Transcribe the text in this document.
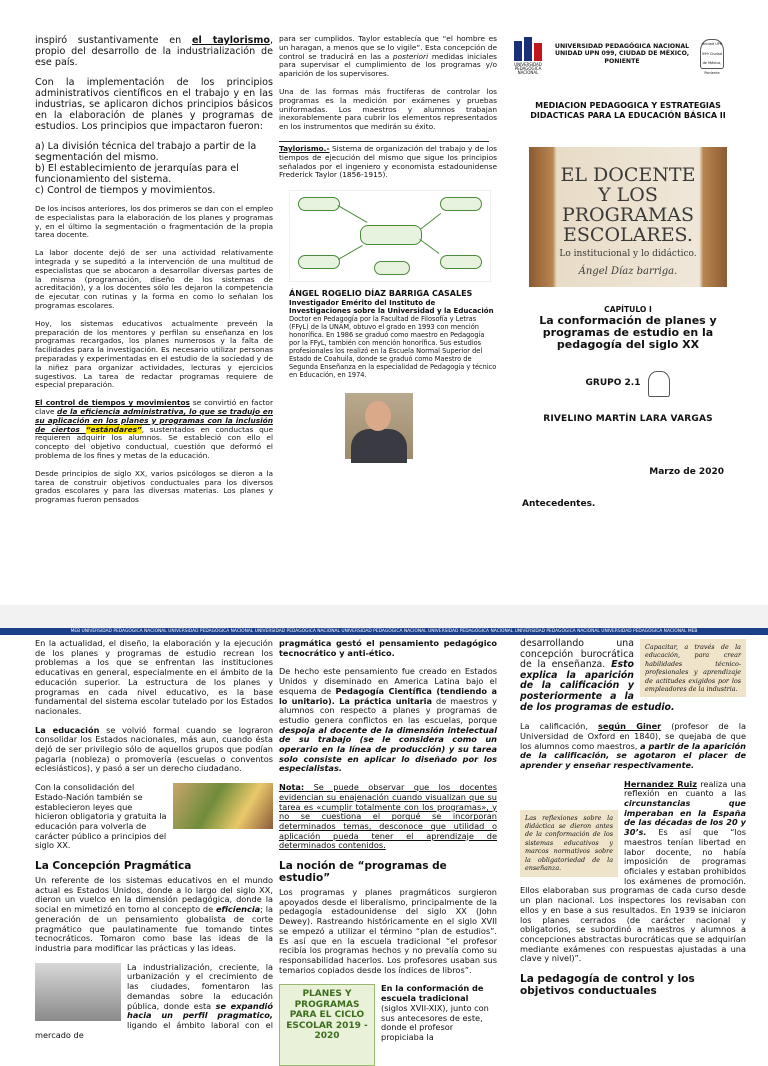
inspiró sustantivamente en el taylorismo, propio del desarrollo de la industrialización de ese país.

Con la implementación de los principios administrativos científicos en el trabajo y en las industrias, se aplicaron dichos principios básicos en la elaboración de planes y programas de estudios. Los principios que impactaron fueron:

a) La división técnica del trabajo a partir de la segmentación del mismo.
b) El establecimiento de jerarquías para el funcionamiento del sistema.
c) Control de tiempos y movimientos.

De los incisos anteriores, los dos primeros se dan con el empleo de especialistas para la elaboración de los planes y programas y, en el último la segmentación o fragmentación de la propia tarea docente.

La labor docente dejó de ser una actividad relativamente integrada y se supeditó a la intervención de una multitud de especialistas que se abocaron a desarrollar diversas partes de la misma (programación, diseño de los sistemas de acreditación), y a los docentes sólo les dejaron la competencia de ejecutar con rutinas y la forma en como lo señalan los programas escolares.

Hoy, los sistemas educativos actualmente preveén la preparación de los mentores y perfilan su enseñanza en los programas recargados, los planes numerosos y la falta de facilidades para la investigación. Es necesario utilizar personas preparadas y experimentadas en el estudio de la sociedad y de la niñez para organizar actividades, lecturas y ejercicios sugestivos. La tarea de redactar programas requiere de especial preparación.

El control de tiempos y movimientos se convirtió en factor clave de la eficiencia administrativa, lo que se tradujo en su aplicación en los planes y programas con la inclusión de ciertos “estándares”, sustentados en conductas que requieren adquirir los alumnos. Se estableció con ello el concepto del objetivo conductual, cuestión que deformó el problema de los fines y metas de la educación.

Desde principios de siglo XX, varios psicólogos se dieron a la tarea de construir objetivos conductuales para los diversos grados escolares y para las diversas materias. Los planes y programas fueron pensados

para ser cumplidos. Taylor establecía que “el hombre es un haragan, a menos que se lo vigile”. Esta concepción de control se traducirá en las a posteriori medidas iniciales para supervisar el cumplimiento de los programas y/o aparición de los supervisores.

Una de las formas más fructíferas de controlar los programas es la medición por exámenes y pruebas uniformadas. Los maestros y alumnos trabajan inexorablemente para cubrir los elementos representados en los instrumentos que medirán su éxito.

Taylorismo.- Sistema de organización del trabajo y de los tiempos de ejecución del mismo que sigue los principios señalados por el ingeniero y economista estadounidense Frederick Taylor (1856-1915).

ÁNGEL ROGELIO DÍAZ BARRIGA CASALES
Investigador Emérito del Instituto de Investigaciones sobre la Universidad y la Educación
Doctor en Pedagogía por la Facultad de Filosofía y Letras (FFyL) de la UNAM, obtuvo el grado en 1993 con mención honorífica. En 1986 se graduó como maestro en Pedagogía por la FFyL, también con mención honorífica. Sus estudios profesionales los realizó en la Escuela Normal Superior del Estado de Coahuila, donde se graduó como Maestro de Segunda Enseñanza en la especialidad de Pedagogía y técnico en Educación, en 1974.
UNIVERSIDAD PEDAGÓGICA NACIONAL
UNIVERSIDAD PEDAGÓGICA NACIONAL UNIDAD UPN 099, CIUDAD DE MÉXICO, PONIENTE
Unidad UPN 099 Ciudad de México, Poniente
MEDIACION PEDAGOGICA Y ESTRATEGIAS DIDACTICAS PARA LA EDUCACIÓN BÁSICA II
EL DOCENTE Y LOS PROGRAMAS ESCOLARES.
Lo institucional y lo didáctico.
Ángel Díaz barriga.
CAPÍTULO I
La conformación de planes y programas de estudio en la pedagogía del siglo XX
GRUPO 2.1
RIVELINO MARTÍN LARA VARGAS
Marzo de 2020
Antecedentes.
MEB UNIVERSIDAD PEDAGÓGICA NACIONAL UNIVERSIDAD PEDAGÓGICA NACIONAL UNIVERSIDAD PEDAGÓGICA NACIONAL UNIVERSIDAD PEDAGÓGICA NACIONAL UNIVERSIDAD PEDAGÓGICA NACIONAL UNIVERSIDAD PEDAGÓGICA NACIONAL UNIVERSIDAD PEDAGÓGICA NACIONAL MEB

En la actualidad, el diseño, la elaboración y la ejecución de los planes y programas de estudio recrean los problemas a los que se enfrentan las instituciones educativas en general, especialmente en el ámbito de la educación superior. La estructura de los planes y programas en cada nivel educativo, es la base fundamental del sistema escolar tutelado por los Estados nacionales.

La educación se volvió formal cuando se lograron consolidar los Estados nacionales, más aun, cuando ésta dejó de ser privilegio sólo de aquellos grupos que podían pagarla (nobleza) o promovería (escuelas o conventos eclesiásticos), y pasó a ser un derecho ciudadano.

Con la consolidación del Estado-Nación también se establecieron leyes que hicieron obligatoria y gratuita la educación para volverla de carácter público a principios del siglo XX.

La Concepción Pragmática

Un referente de los sistemas educativos en el mundo actual es Estados Unidos, donde a lo largo del siglo XX, dieron un vuelco en la dimensión pedagógica, donde la social en mimetizó en torno al concepto de eficiencia; la generación de un pensamiento globalista de corte pragmático que paulatinamente fue tomando tintes tecnocráticos. Tomaron como base las ideas de la industria para modificar las prácticas y las ideas.

La industrialización, creciente, la urbanización y el crecimiento de las ciudades, fomentaron las demandas sobre la educación pública, donde esta se expandió hacia un perfil pragmatico, ligando el ámbito laboral con el mercado de

pragmática gestó el pensamiento pedagógico tecnocrático y anti-ético.

De hecho este pensamiento fue creado en Estados Unidos y diseminado en America Latina bajo el esquema de Pedagogía Científica (tendiendo a lo unitario). La práctica unitaria de maestros y alumnos con respecto a planes y programas de estudio genera conflictos en las escuelas, porque despoja al docente de la dimensión intelectual de su trabajo (se le considera como un operario en la línea de producción) y su tarea solo consiste en aplicar lo diseñado por los especialistas.

Nota: Se puede observar que los docentes evidencian su enajenación cuando visualizan que su tarea es «cumplir totalmente con los programas», y no se cuestiona el porqué se incorporan determinados temas, desconoce que utilidad o aplicación pueda tener el aprendizaje de determinados contenidos.

La noción de “programas de estudio”

Los programas y planes pragmáticos surgieron apoyados desde el liberalismo, principalmente de la pedagogía estadounidense del siglo XX (John Dewey). Rastreando históricamente en el siglo XVII se empezó a utilizar el término “plan de estudios”. Es así que en la escuela tradicional “el profesor recibía los programas hechos y no prevalía como su responsabilidad hacerlos. Los profesores usaban sus temarios copiados desde los índices de libros”.

PLANES Y PROGRAMAS PARA EL CICLO ESCOLAR 2019 - 2020

En la conformación de escuela tradicional (siglos XVII-XIX), junto con sus antecesores de este, donde el profesor propiciaba la

Capacitar, a través de la educación, para crear habilidades técnico-profesionales y aprendizaje de actitudes exigidos por los empleadores de la industria.

desarrollando una concepción burocrática de la enseñanza. Esto explica la aparición de la calificación y posteriormente a la de los programas de estudio.

La calificación, según Giner (profesor de la Universidad de Oxford en 1840), se quejaba de que los alumnos como maestros, a partir de la aparición de la calificación, se agotaron el placer de aprender y enseñar respectivamente.

Las reflexiones sobre la didáctica se dieron antes de la conformación de los sistemas educativos y marcos normativos sobre la obligatoriedad de la enseñanza.

Hernandez Ruiz realiza una reflexión en cuanto a las circunstancias que imperaban en la España de las décadas de los 20 y 30’s. Es así que “los maestros tenían libertad en labor docente, no había imposición de programas oficiales y estaban prohibidos los exámenes de promoción. Ellos elaboraban sus programas de cada curso desde un plan nacional. Los inspectores los revisaban con ellos y en base a sus resultados. En 1939 se iniciaron los planes cerrados (de carácter nacional y obligatorios, se subordinó a maestros y alumnos a concepciones abstractas burocráticas que se adquirían mediante exámenes con respuestas ajustadas a una clave y nivel)”.

La pedagogía de control y los objetivos conductuales
